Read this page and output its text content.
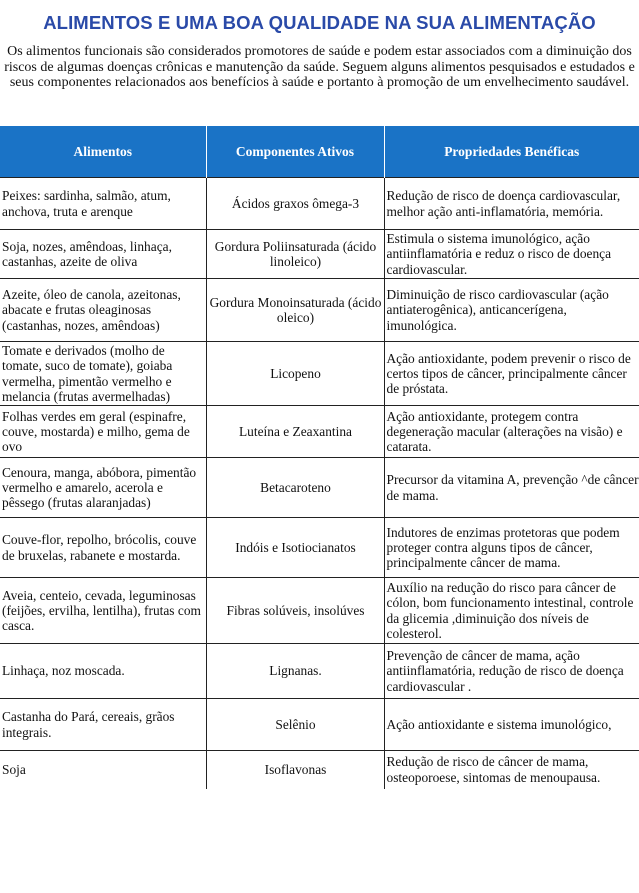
ALIMENTOS E UMA BOA QUALIDADE NA SUA ALIMENTAÇÃO
Os alimentos funcionais são considerados promotores de saúde e podem estar associados com a diminuição dos riscos de algumas doenças crônicas e manutenção da saúde. Seguem alguns alimentos pesquisados e estudados e seus componentes relacionados aos benefícios à saúde e portanto à promoção de um envelhecimento saudável.
Alimentos	Componentes Ativos	Propriedades Benéficas
Peixes: sardinha, salmão, atum, anchova, truta e arenque	Ácidos graxos ômega-3	Redução de risco de doença cardiovascular, melhor ação anti-inflamatória, memória.
Soja, nozes, amêndoas, linhaça, castanhas, azeite de oliva	Gordura Poliinsaturada (ácido linoleico)	Estimula o sistema imunológico, ação antiinflamatória e reduz o risco de doença cardiovascular.
Azeite, óleo de canola, azeitonas, abacate e frutas oleaginosas (castanhas, nozes, amêndoas)	Gordura Monoinsaturada (ácido oleico)	Diminuição de risco cardiovascular (ação antiaterogênica), anticancerígena, imunológica.
Tomate e derivados (molho de tomate, suco de tomate), goiaba vermelha, pimentão vermelho e melancia (frutas avermelhadas)	Licopeno	Ação antioxidante, podem prevenir o risco de certos tipos de câncer, principalmente câncer de próstata.
Folhas verdes em geral (espinafre, couve, mostarda) e milho, gema de ovo	Luteína e Zeaxantina	Ação antioxidante, protegem contra degeneração macular (alterações na visão) e catarata.
Cenoura, manga, abóbora, pimentão vermelho e amarelo, acerola e pêssego (frutas alaranjadas)	Betacaroteno	Precursor da vitamina A, prevenção ^de câncer de mama.
Couve-flor, repolho, brócolis, couve de bruxelas, rabanete e mostarda.	Indóis e Isotiocianatos	Indutores de enzimas protetoras que podem proteger contra alguns tipos de câncer, principalmente câncer de mama.
Aveia, centeio, cevada, leguminosas (feijões, ervilha, lentilha), frutas com casca.	Fibras solúveis, insolúves	Auxílio na redução do risco para câncer de cólon, bom funcionamento intestinal, controle da glicemia ,diminuição dos níveis de colesterol.
Linhaça, noz moscada.	Lignanas.	Prevenção de câncer de mama, ação antiinflamatória, redução de risco de doença cardiovascular .
Castanha do Pará, cereais, grãos integrais.	Selênio	Ação antioxidante e sistema imunológico,
Soja	Isoflavonas	Redução de risco de câncer de mama, osteoporoese, sintomas de menoupausa.
